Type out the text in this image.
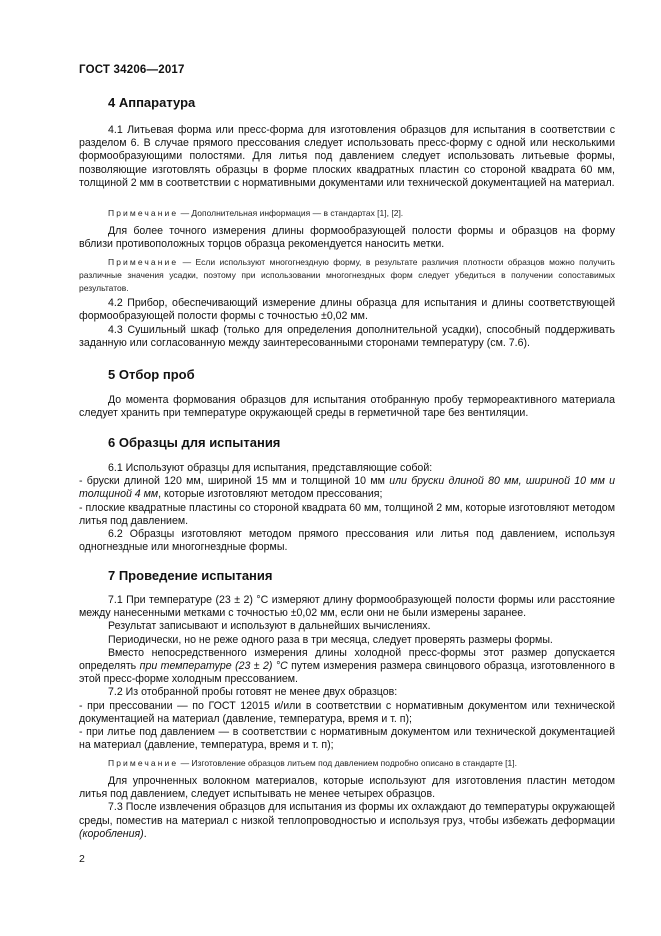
ГОСТ 34206—2017
4 Аппаратура

4.1 Литьевая форма или пресс-форма для изготовления образцов для испытания в соответствии с разделом 6. В случае прямого прессования следует использовать пресс-форму с одной или несколькими формообразующими полостями. Для литья под давлением следует использовать литьевые формы, позволяющие изготовлять образцы в форме плоских квадратных пластин со стороной квадрата 60 мм, толщиной 2 мм в соответствии с нормативными документами или технической документацией на материал.

Примечание — Дополнительная информация — в стандартах [1], [2].

Для более точного измерения длины формообразующей полости формы и образцов на форму вблизи противоположных торцов образца рекомендуется наносить метки.

Примечание — Если используют многогнездную форму, в результате различия плотности образцов можно получить различные значения усадки, поэтому при использовании многогнездных форм следует убедиться в получении сопоставимых результатов.

4.2 Прибор, обеспечивающий измерение длины образца для испытания и длины соответствующей формообразующей полости формы с точностью ±0,02 мм.

4.3 Сушильный шкаф (только для определения дополнительной усадки), способный поддерживать заданную или согласованную между заинтересованными сторонами температуру (см. 7.6).

5 Отбор проб

До момента формования образцов для испытания отобранную пробу термореактивного материала следует хранить при температуре окружающей среды в герметичной таре без вентиляции.

6 Образцы для испытания

6.1 Используют образцы для испытания, представляющие собой:

- бруски длиной 120 мм, шириной 15 мм и толщиной 10 мм или бруски длиной 80 мм, шириной 10 мм и толщиной 4 мм, которые изготовляют методом прессования;

- плоские квадратные пластины со стороной квадрата 60 мм, толщиной 2 мм, которые изготовляют методом литья под давлением.

6.2 Образцы изготовляют методом прямого прессования или литья под давлением, используя одногнездные или многогнездные формы.

7 Проведение испытания

7.1 При температуре (23 ± 2) °С измеряют длину формообразующей полости формы или расстояние между нанесенными метками с точностью ±0,02 мм, если они не были измерены заранее.

Результат записывают и используют в дальнейших вычислениях.

Периодически, но не реже одного раза в три месяца, следует проверять размеры формы.

Вместо непосредственного измерения длины холодной пресс-формы этот размер допускается определять при температуре (23 ± 2) °С путем измерения размера свинцового образца, изготовленного в этой пресс-форме холодным прессованием.

7.2 Из отобранной пробы готовят не менее двух образцов:

- при прессовании — по ГОСТ 12015 и/или в соответствии с нормативным документом или технической документацией на материал (давление, температура, время и т. п);

- при литье под давлением — в соответствии с нормативным документом или технической документацией на материал (давление, температура, время и т. п);

Примечание — Изготовление образцов литьем под давлением подробно описано в стандарте [1].

Для упрочненных волокном материалов, которые используют для изготовления пластин методом литья под давлением, следует испытывать не менее четырех образцов.

7.3 После извлечения образцов для испытания из формы их охлаждают до температуры окружающей среды, поместив на материал с низкой теплопроводностью и используя груз, чтобы избежать деформации (коробления).

2
